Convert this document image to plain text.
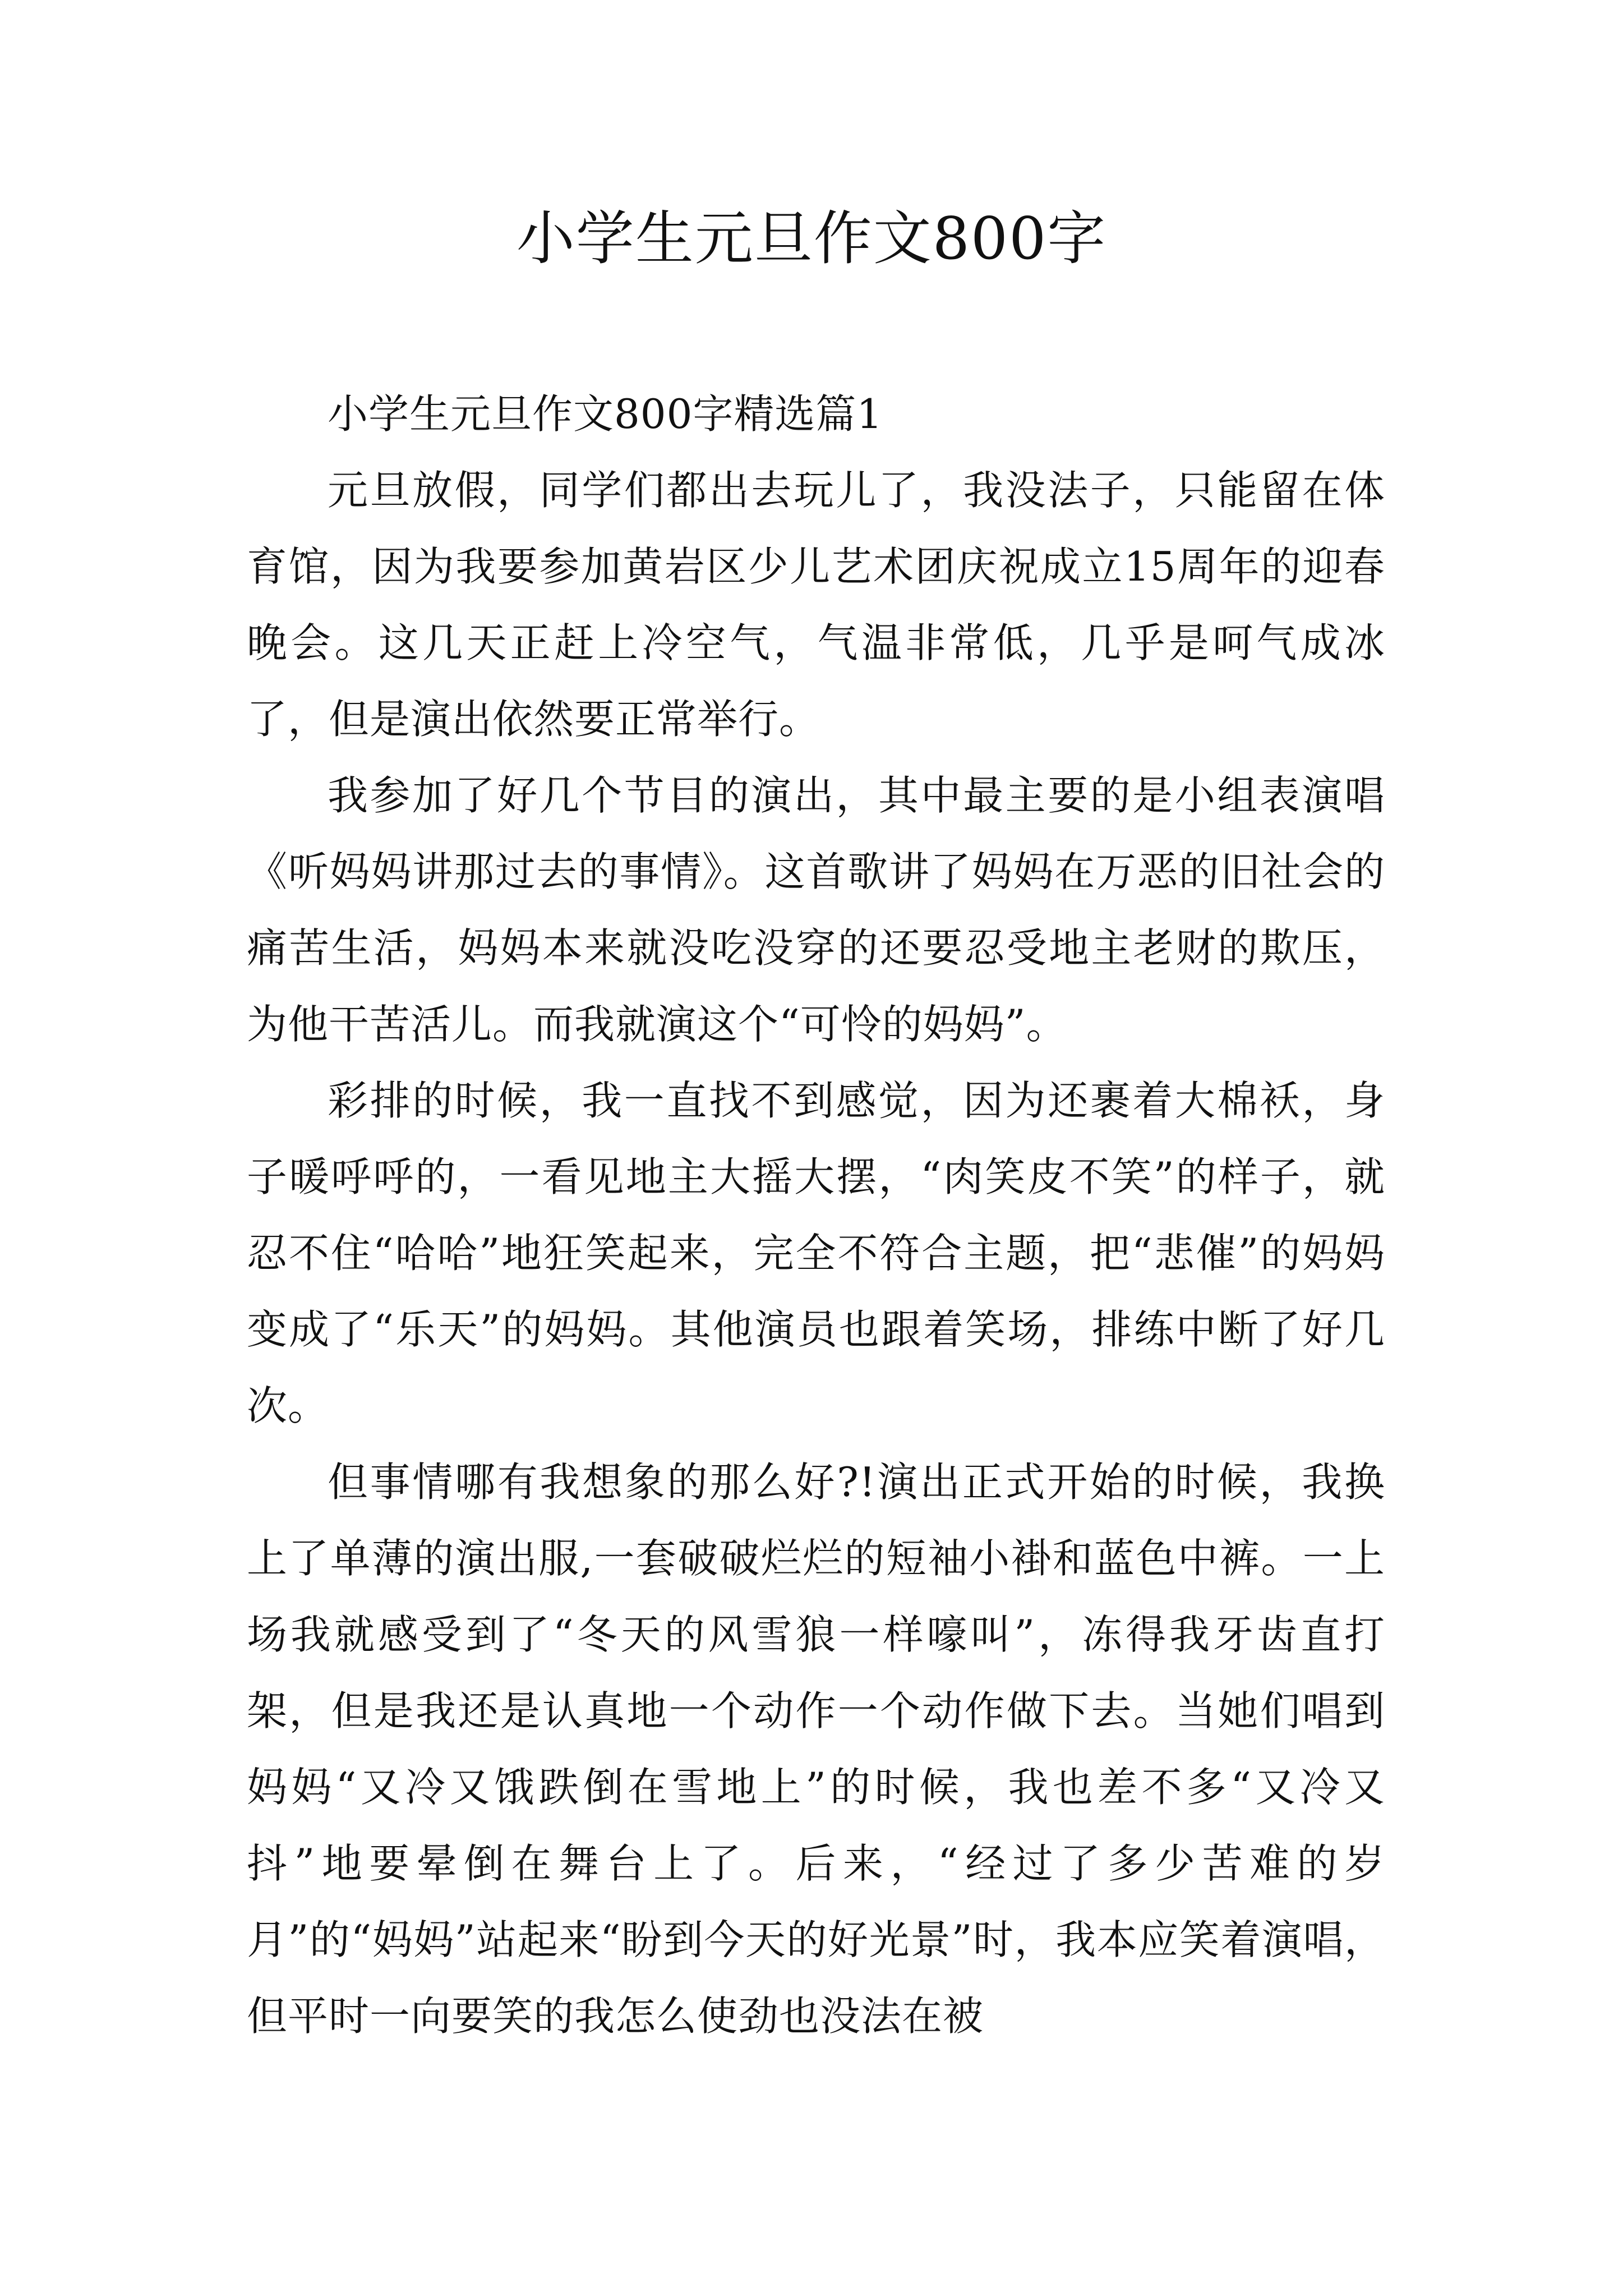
小学生元旦作文800字

小学生元旦作文800字精选篇1

元旦放假，同学们都出去玩儿了，我没法子，只能留在体育馆，因为我要参加黄岩区少儿艺术团庆祝成立15周年的迎春晚会。这几天正赶上冷空气，气温非常低，几乎是呵气成冰了，但是演出依然要正常举行。

我参加了好几个节目的演出，其中最主要的是小组表演唱《听妈妈讲那过去的事情》。这首歌讲了妈妈在万恶的旧社会的痛苦生活，妈妈本来就没吃没穿的还要忍受地主老财的欺压，为他干苦活儿。而我就演这个“可怜的妈妈”。

彩排的时候，我一直找不到感觉，因为还裹着大棉袄，身子暖呼呼的，一看见地主大摇大摆，“肉笑皮不笑”的样子，就忍不住“哈哈”地狂笑起来，完全不符合主题，把“悲催”的妈妈变成了“乐天”的妈妈。其他演员也跟着笑场，排练中断了好几次。

但事情哪有我想象的那么好?!演出正式开始的时候，我换上了单薄的演出服,一套破破烂烂的短袖小褂和蓝色中裤。一上场我就感受到了“冬天的风雪狼一样嚎叫”，冻得我牙齿直打架，但是我还是认真地一个动作一个动作做下去。当她们唱到妈妈“又冷又饿跌倒在雪地上”的时候，我也差不多“又冷又抖”地要晕倒在舞台上了。后来，“经过了多少苦难的岁月”的“妈妈”站起来“盼到今天的好光景”时，我本应笑着演唱，但平时一向要笑的我怎么使劲也没法在被
